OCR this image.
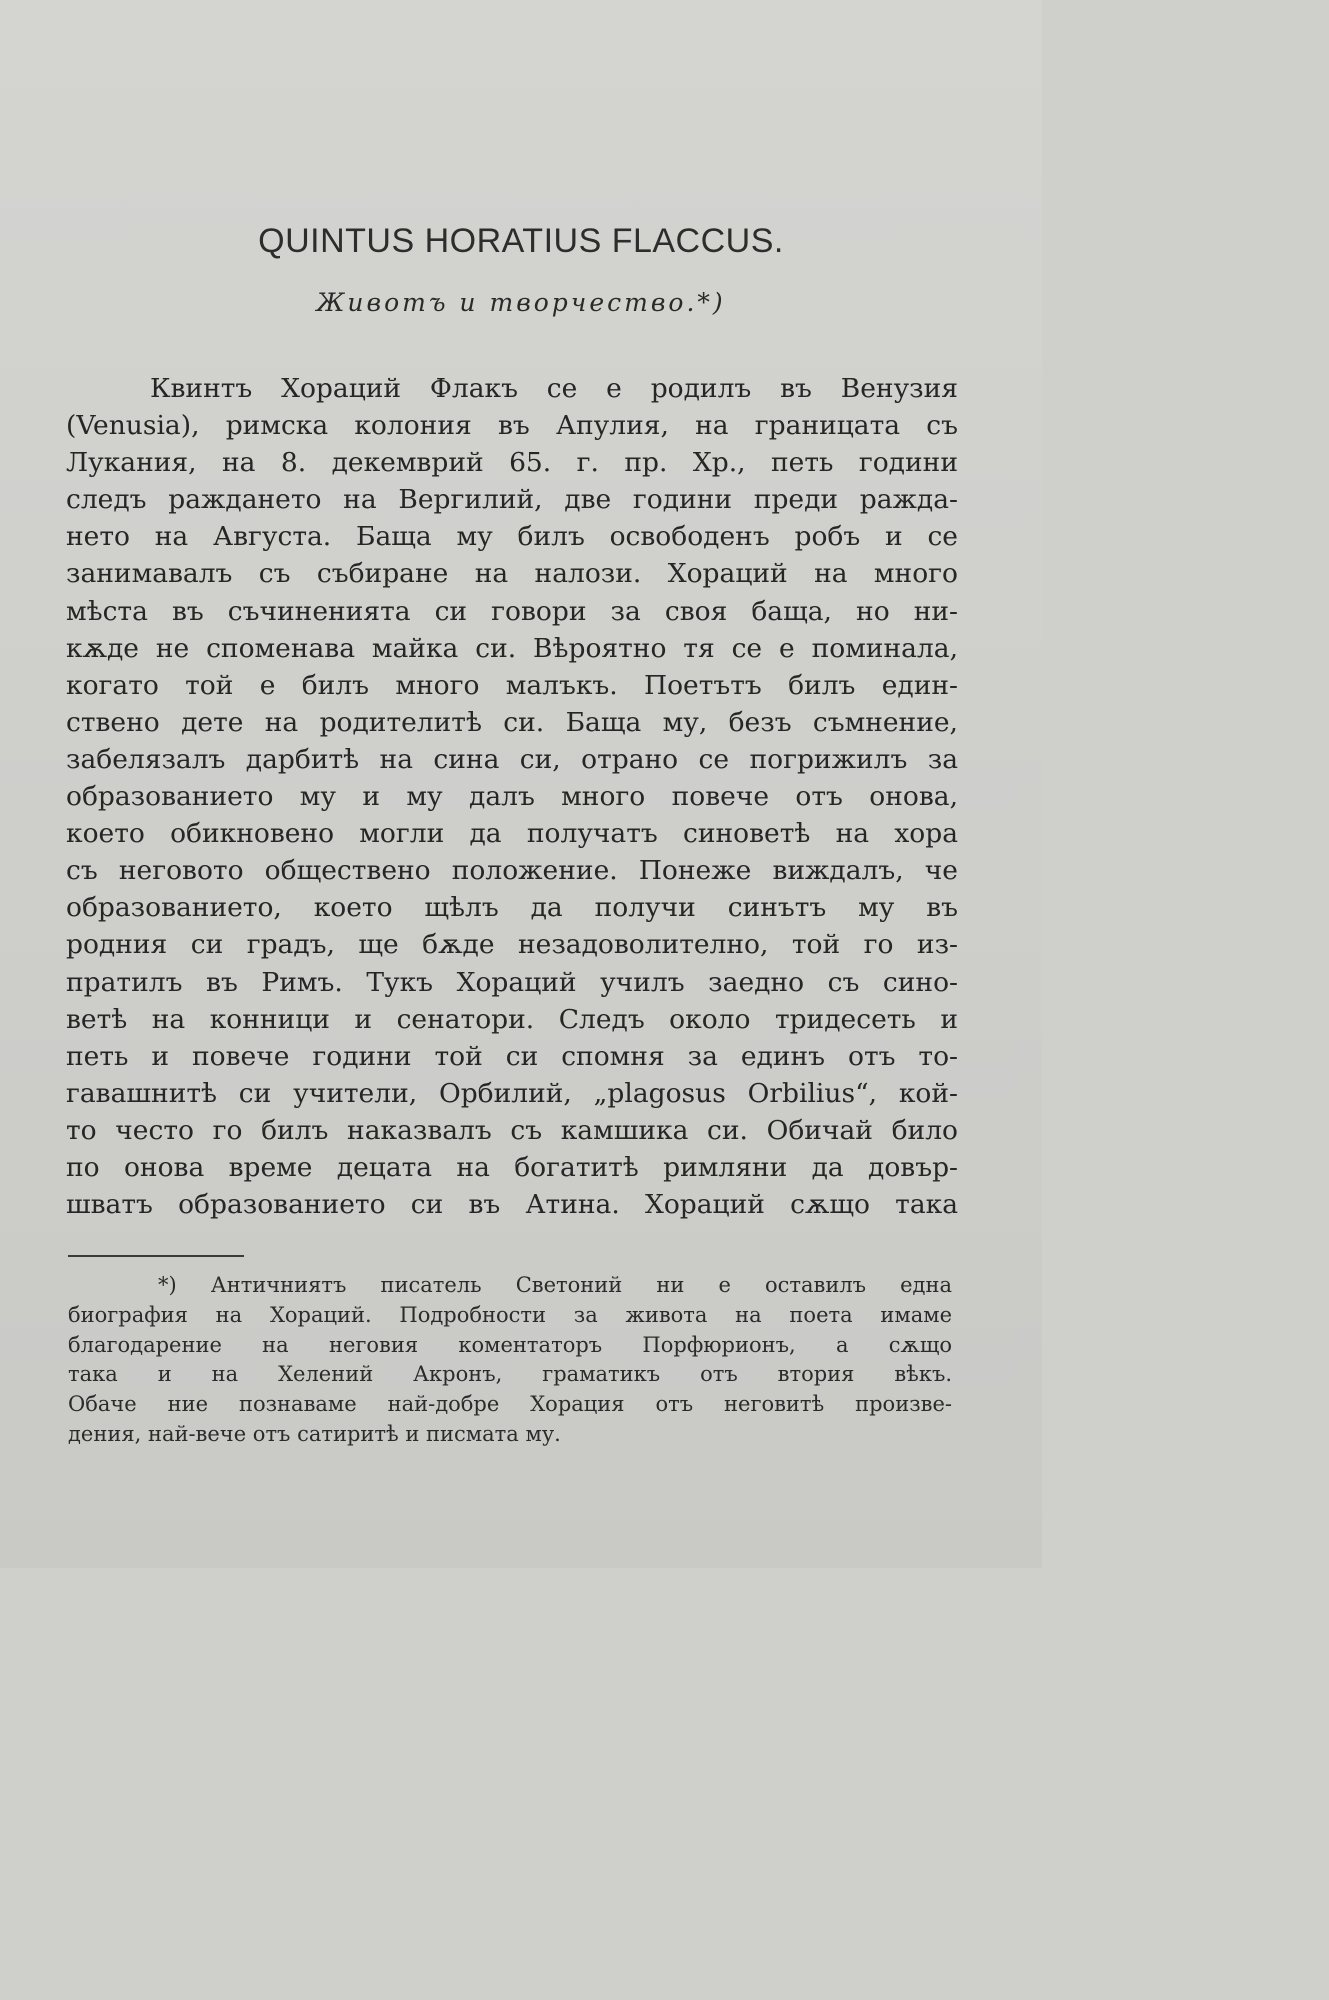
QUINTUS HORATIUS FLACCUS.
Животъ и творчество.*)
Квинтъ Хораций Флакъ се е родилъ въ Венузия
(Venusia), римска колония въ Апулия, на границата съ
Лукания, на 8. декемврий 65. г. пр. Хр., петь години
следъ раждането на Вергилий, две години преди ражда-
нето на Августа. Баща му билъ освободенъ робъ и се
занимавалъ съ събиране на налози. Хораций на много
мѣста въ съчиненията си говори за своя баща, но ни-
кѫде не споменава майка си. Вѣроятно тя се е поминала,
когато той е билъ много малъкъ. Поетътъ билъ един-
ствено дете на родителитѣ си. Баща му, безъ съмнение,
забелязалъ дарбитѣ на сина си, отрано се погрижилъ за
образованието му и му далъ много повече отъ онова,
което обикновено могли да получатъ синоветѣ на хора
съ неговото обществено положение. Понеже виждалъ, че
образованието, което щѣлъ да получи синътъ му въ
родния си градъ, ще бѫде незадоволително, той го из-
пратилъ въ Римъ. Тукъ Хораций училъ заедно съ сино-
ветѣ на конници и сенатори. Следъ около тридесеть и
петь и повече години той си спомня за единъ отъ то-
гавашнитѣ си учители, Орбилий, „plagosus Orbilius“, кой-
то често го билъ наказвалъ съ камшика си. Обичай било
по онова време децата на богатитѣ римляни да довър-
шватъ образованието си въ Атина. Хораций сѫщо така
*) Античниятъ писатель Светоний ни е оставилъ една
биография на Хораций. Подробности за живота на поета имаме
благодарение на неговия коментаторъ Порфюрионъ, а сѫщо
така и на Хелений Акронъ, граматикъ отъ втория вѣкъ.
Обаче ние познаваме най-добре Хорация отъ неговитѣ произве-
дения, най-вече отъ сатиритѣ и писмата му.
